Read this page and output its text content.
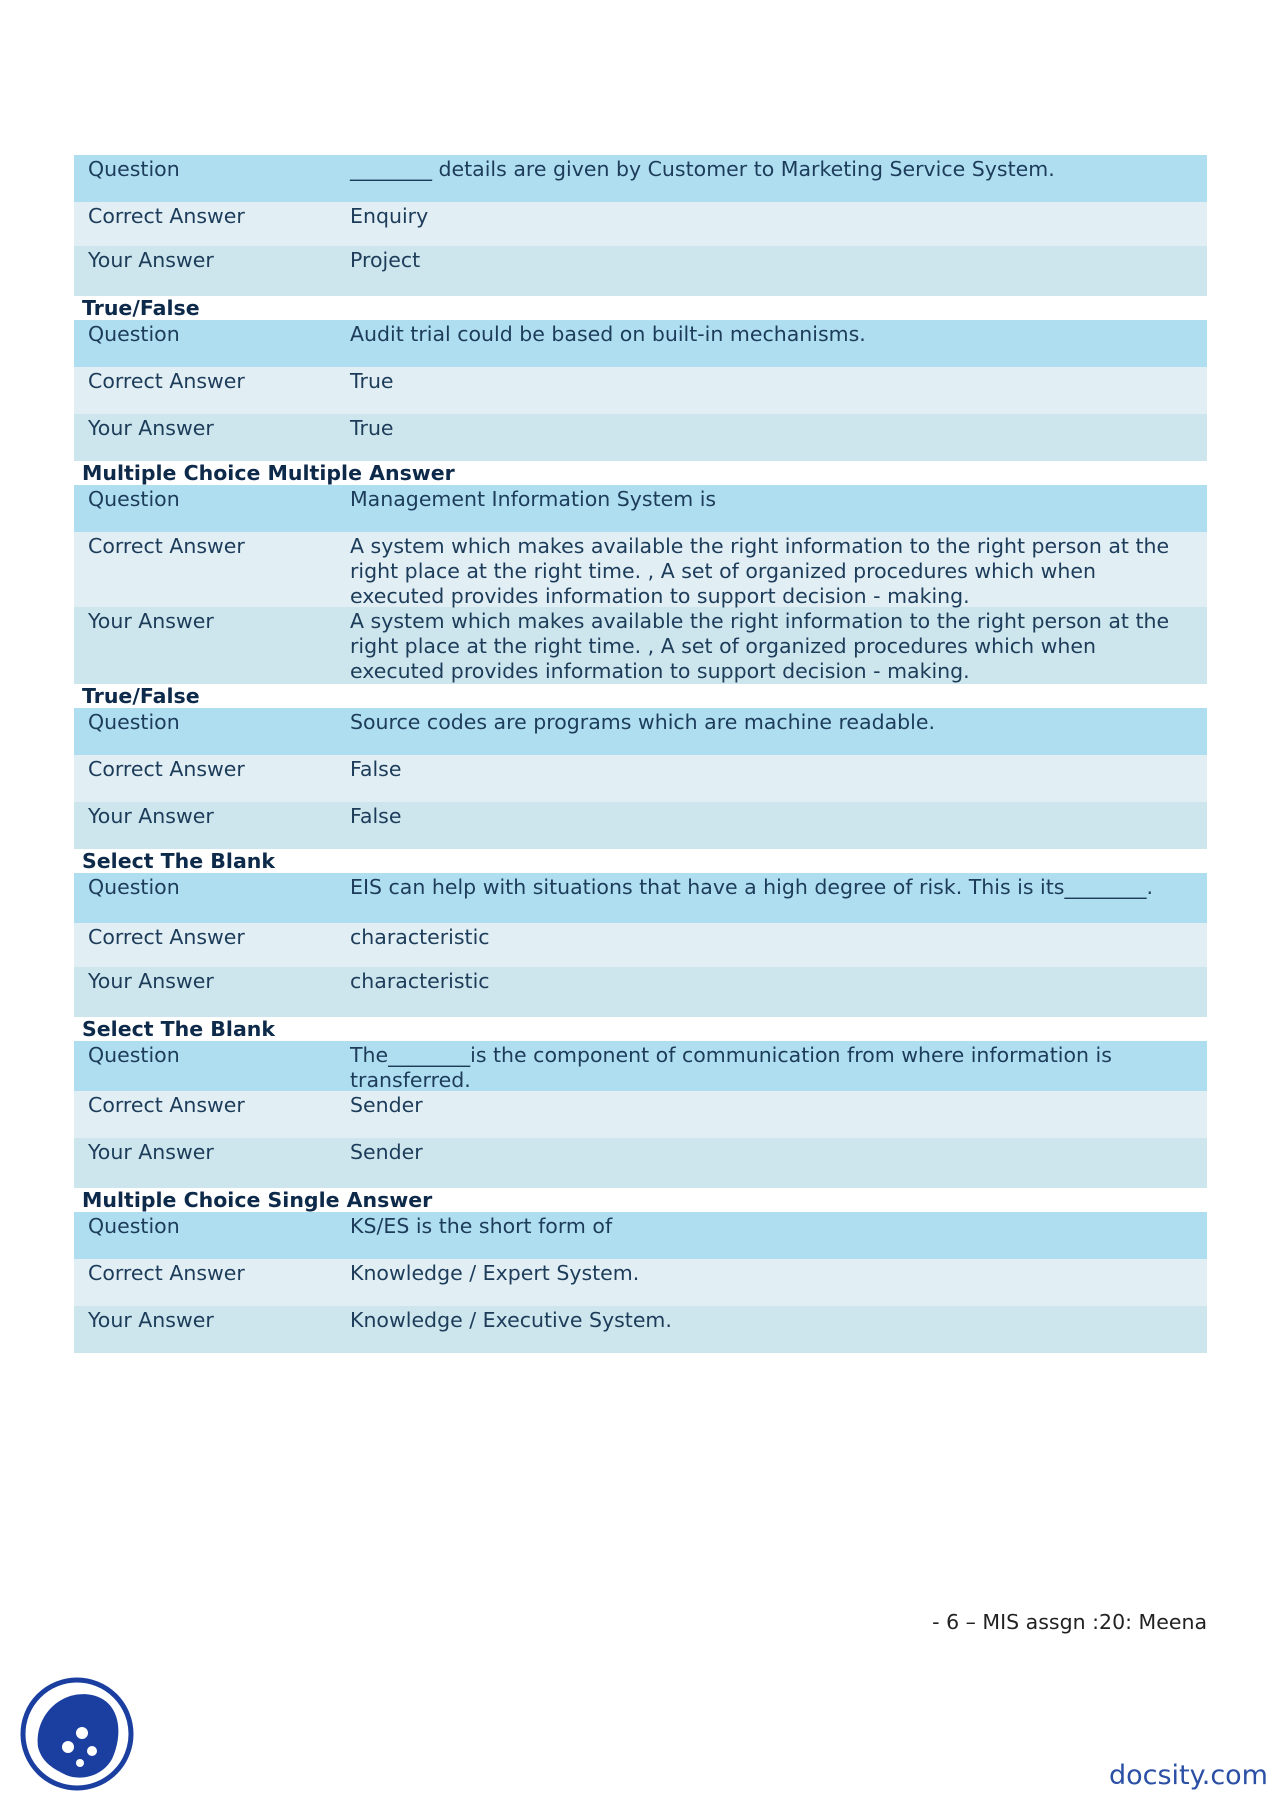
Question	________ details are given by Customer to Marketing Service System.
Correct Answer	Enquiry
Your Answer	Project
True/False
Question	Audit trial could be based on built-in mechanisms.
Correct Answer	True
Your Answer	True
Multiple Choice Multiple Answer
Question	Management Information System is
Correct Answer	A system which makes available the right information to the right person at the right place at the right time. , A set of organized procedures which when executed provides information to support decision - making.
Your Answer	A system which makes available the right information to the right person at the right place at the right time. , A set of organized procedures which when executed provides information to support decision - making.
True/False
Question	Source codes are programs which are machine readable.
Correct Answer	False
Your Answer	False
Select The Blank
Question	EIS can help with situations that have a high degree of risk. This is its________.
Correct Answer	characteristic
Your Answer	characteristic
Select The Blank
Question	The________is the component of communication from where information is transferred.
Correct Answer	Sender
Your Answer	Sender
Multiple Choice Single Answer
Question	KS/ES is the short form of
Correct Answer	Knowledge / Expert System.
Your Answer	Knowledge / Executive System.
- 6 – MIS assgn :20: Meena
docsity.com
